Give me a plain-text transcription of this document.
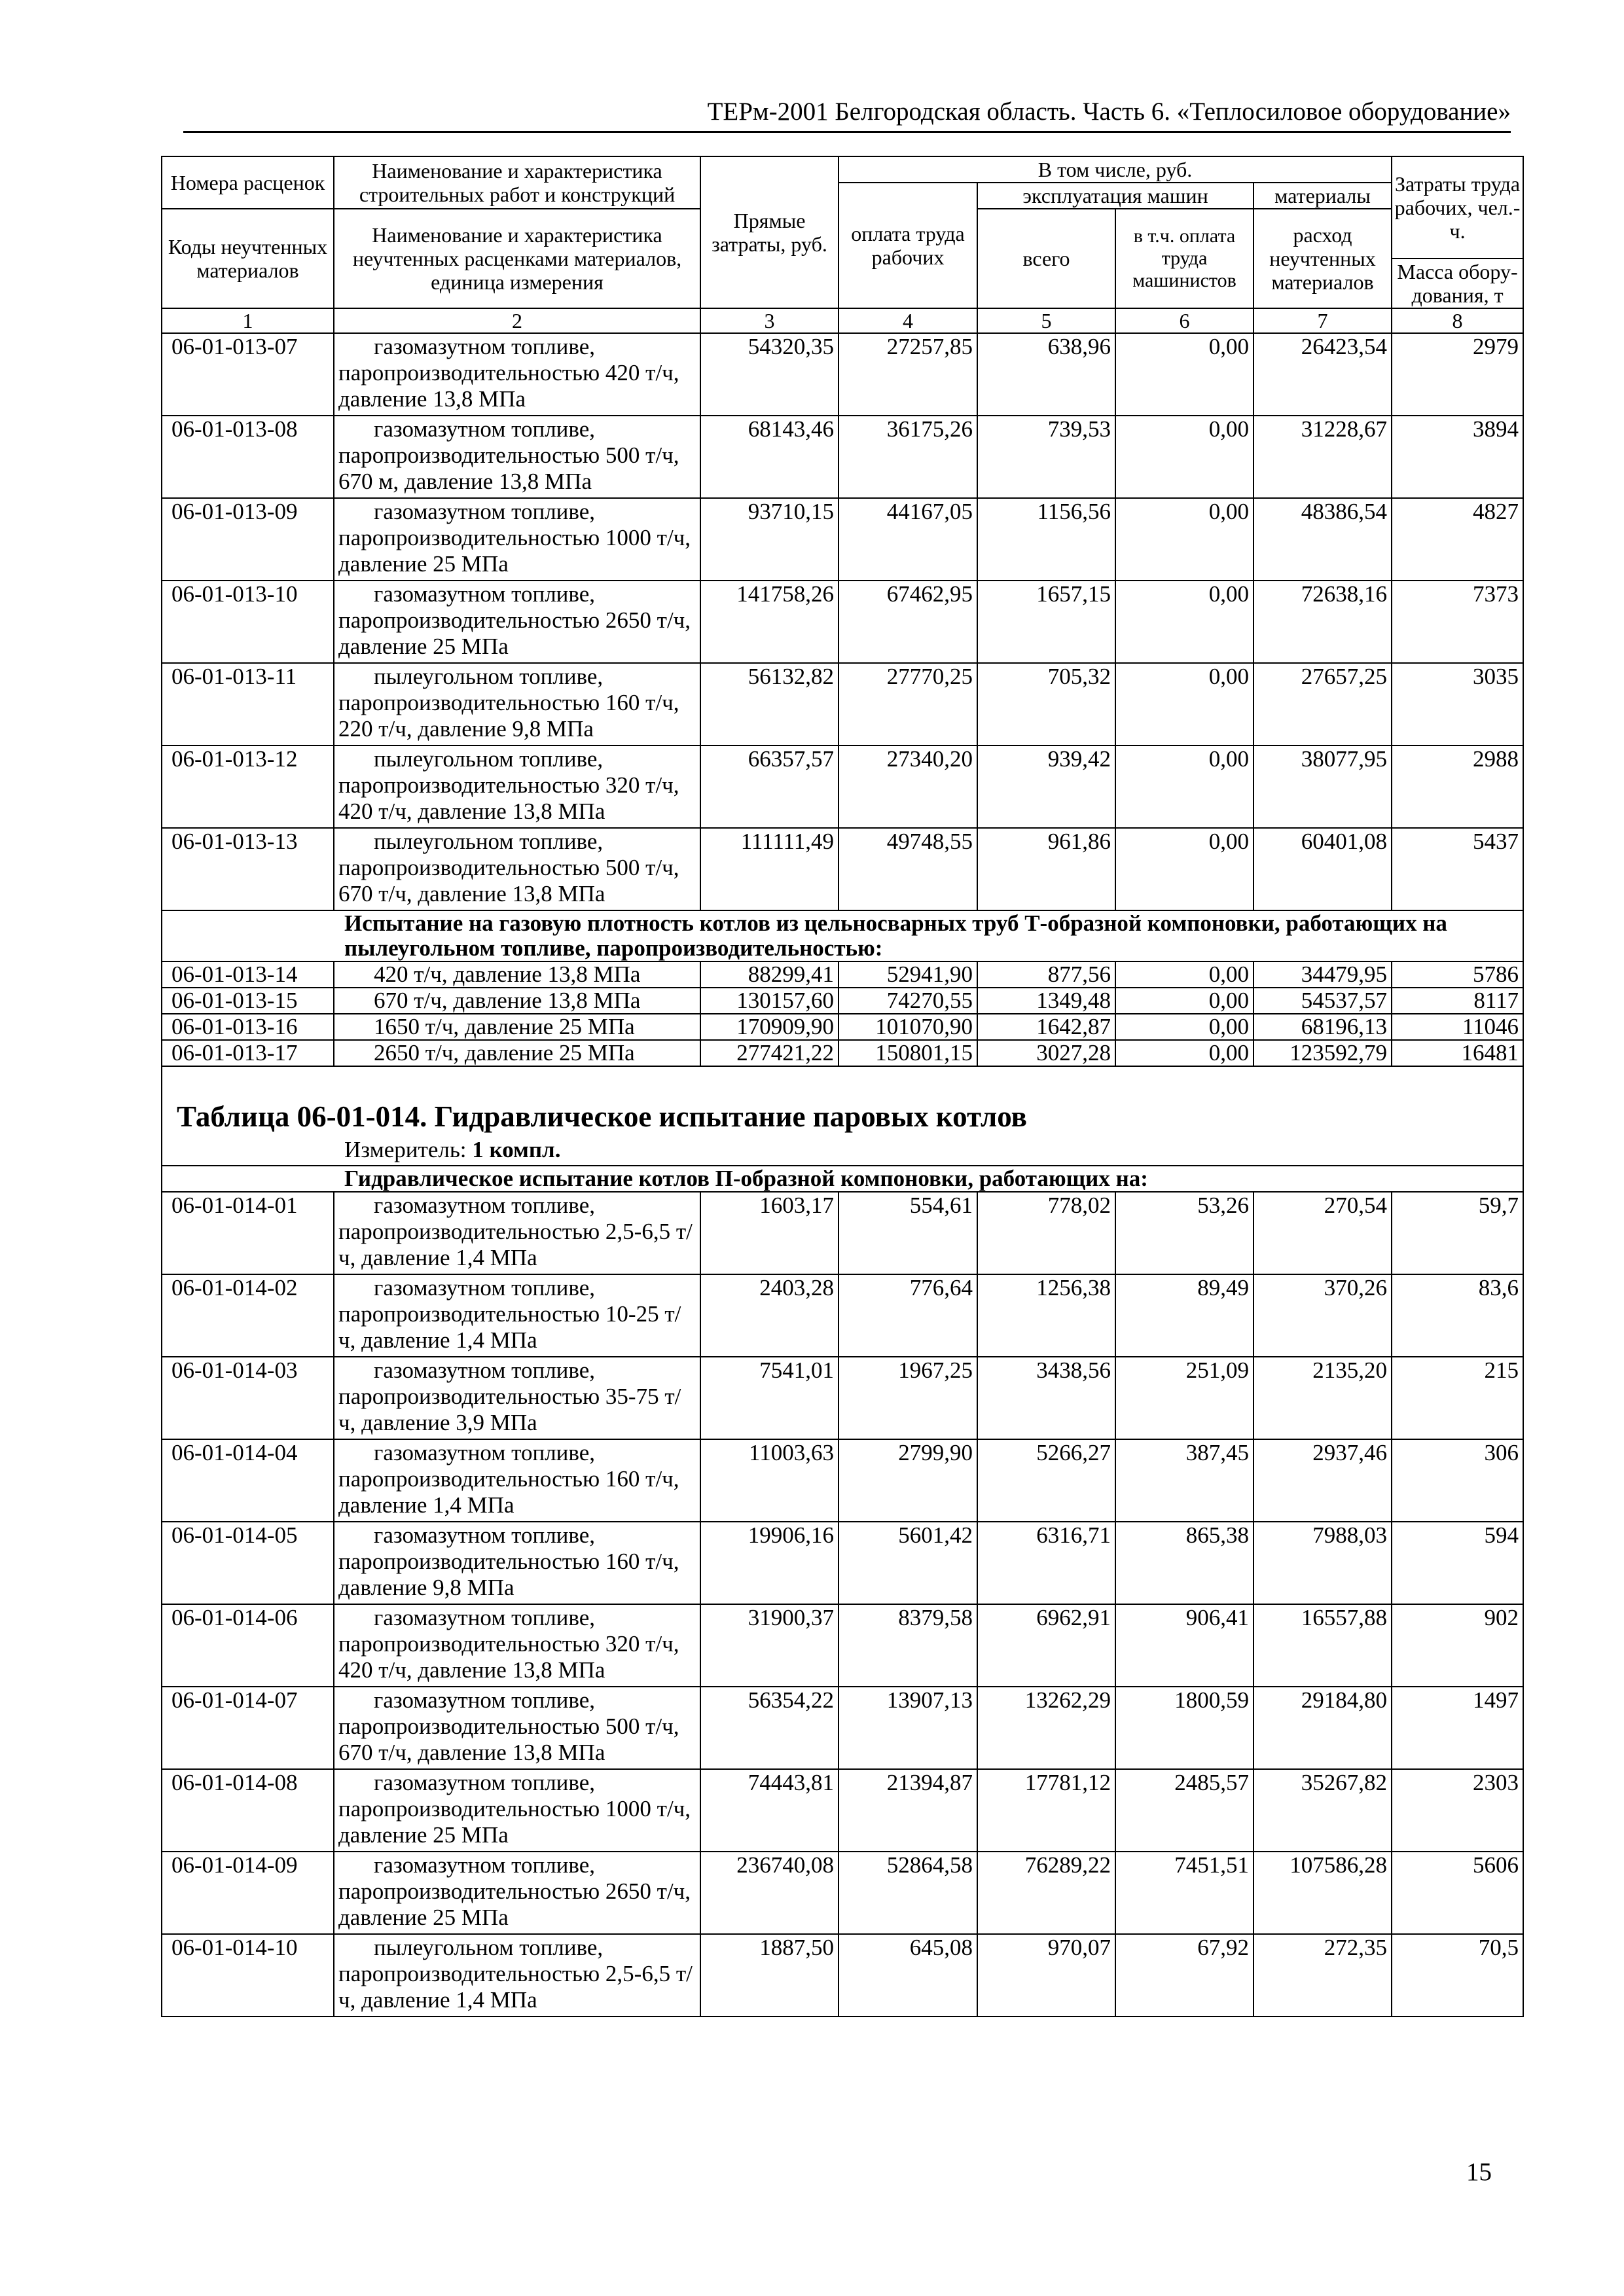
ТЕРм-2001 Белгородская область. Часть 6. «Теплосиловое оборудование»
Номера расценок	Наименование и характеристика строительных работ и конструкций	Прямые затраты, руб.	В том числе, руб.				Затраты труда рабочих, чел.-ч.
			оплата труда рабочих	эксплуатация машин		материалы	
Коды неучтенных материалов	Наименование и характеристика неучтенных расценками материалов, единица измерения			всего	в т.ч. оплата труда машинистов	расход неучтенных материалов	
							Масса обору-дования, т
1	2	3	4	5	6	7	8
06-01-013-07	газомазутном топливе, паропроизводительностью 420 т/ч, давление 13,8 МПа	54320,35	27257,85	638,96	0,00	26423,54	2979
06-01-013-08	газомазутном топливе, паропроизводительностью 500 т/ч, 670 м, давление 13,8 МПа	68143,46	36175,26	739,53	0,00	31228,67	3894
06-01-013-09	газомазутном топливе, паропроизводительностью 1000 т/ч, давление 25 МПа	93710,15	44167,05	1156,56	0,00	48386,54	4827
06-01-013-10	газомазутном топливе, паропроизводительностью 2650 т/ч, давление 25 МПа	141758,26	67462,95	1657,15	0,00	72638,16	7373
06-01-013-11	пылеугольном топливе, паропроизводительностью 160 т/ч, 220 т/ч, давление 9,8 МПа	56132,82	27770,25	705,32	0,00	27657,25	3035
06-01-013-12	пылеугольном топливе, паропроизводительностью 320 т/ч, 420 т/ч, давление 13,8 МПа	66357,57	27340,20	939,42	0,00	38077,95	2988
06-01-013-13	пылеугольном топливе, паропроизводительностью 500 т/ч, 670 т/ч, давление 13,8 МПа	111111,49	49748,55	961,86	0,00	60401,08	5437
Испытание на газовую плотность котлов из цельносварных труб Т-образной компоновки, работающих на пылеугольном топливе, паропроизводительностью:							
06-01-013-14	420 т/ч, давление 13,8 МПа	88299,41	52941,90	877,56	0,00	34479,95	5786
06-01-013-15	670 т/ч, давление 13,8 МПа	130157,60	74270,55	1349,48	0,00	54537,57	8117
06-01-013-16	1650 т/ч, давление 25 МПа	170909,90	101070,90	1642,87	0,00	68196,13	11046
06-01-013-17	2650 т/ч, давление 25 МПа	277421,22	150801,15	3027,28	0,00	123592,79	16481

Таблица 06-01-014. Гидравлическое испытание паровых котлов							
Измеритель: 1 компл.							
Гидравлическое испытание котлов П-образной компоновки, работающих на:							
06-01-014-01	газомазутном топливе, паропроизводительностью 2,5-6,5 т/ч, давление 1,4 МПа	1603,17	554,61	778,02	53,26	270,54	59,7
06-01-014-02	газомазутном топливе, паропроизводительностью 10-25 т/ч, давление 1,4 МПа	2403,28	776,64	1256,38	89,49	370,26	83,6
06-01-014-03	газомазутном топливе, паропроизводительностью 35-75 т/ч, давление 3,9 МПа	7541,01	1967,25	3438,56	251,09	2135,20	215
06-01-014-04	газомазутном топливе, паропроизводительностью 160 т/ч, давление 1,4 МПа	11003,63	2799,90	5266,27	387,45	2937,46	306
06-01-014-05	газомазутном топливе, паропроизводительностью 160 т/ч, давление 9,8 МПа	19906,16	5601,42	6316,71	865,38	7988,03	594
06-01-014-06	газомазутном топливе, паропроизводительностью 320 т/ч, 420 т/ч, давление 13,8 МПа	31900,37	8379,58	6962,91	906,41	16557,88	902
06-01-014-07	газомазутном топливе, паропроизводительностью 500 т/ч, 670 т/ч, давление 13,8 МПа	56354,22	13907,13	13262,29	1800,59	29184,80	1497
06-01-014-08	газомазутном топливе, паропроизводительностью 1000 т/ч, давление 25 МПа	74443,81	21394,87	17781,12	2485,57	35267,82	2303
06-01-014-09	газомазутном топливе, паропроизводительностью 2650 т/ч, давление 25 МПа	236740,08	52864,58	76289,22	7451,51	107586,28	5606
06-01-014-10	пылеугольном топливе, паропроизводительностью 2,5-6,5 т/ч, давление 1,4 МПа	1887,50	645,08	970,07	67,92	272,35	70,5
15
